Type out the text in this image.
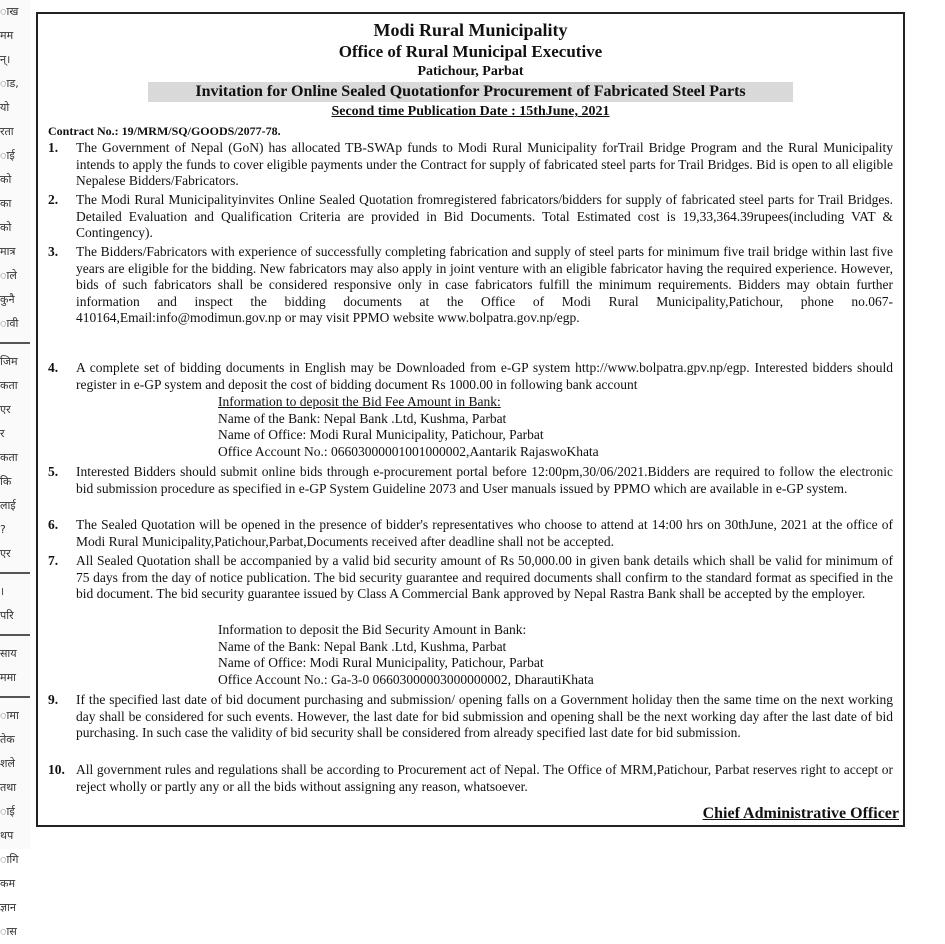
ाख
मम
न्।
ाड,
यो
रता
ाई
को
का
को
मात्र
ाले
कुनै
ावी
जिम
कता
एर
र
कता
कि
लाई
?
एर
।
परि
साय
ममा
ामा
तेक
शले
तथा
ाई
थप
ागि
कम
ज्ञान
ास
Modi Rural Municipality
Office of Rural Municipal Executive
Patichour, Parbat
Invitation for Online Sealed Quotationfor Procurement of Fabricated Steel Parts
Second time Publication Date : 15thJune, 2021
Contract No.: 19/MRM/SQ/GOODS/2077-78.
1. The Government of Nepal (GoN) has allocated TB-SWAp funds to Modi Rural Municipality forTrail Bridge Program and the Rural Municipality intends to apply the funds to cover eligible payments under the Contract for supply of fabricated steel parts for Trail Bridges. Bid is open to all eligible Nepalese Bidders/Fabricators.
2. The Modi Rural Municipalityinvites Online Sealed Quotation fromregistered fabricators/bidders for supply of fabricated steel parts for Trail Bridges. Detailed Evaluation and Qualification Criteria are provided in Bid Documents. Total Estimated cost is 19,33,364.39rupees(including VAT & Contingency).
3. The Bidders/Fabricators with experience of successfully completing fabrication and supply of steel parts for minimum five trail bridge within last five years are eligible for the bidding. New fabricators may also apply in joint venture with an eligible fabricator having the required experience. However, bids of such fabricators shall be considered responsive only in case fabricators fulfill the minimum requirements. Bidders may obtain further information and inspect the bidding documents at the Office of Modi Rural Municipality,Patichour, phone no.067-410164,Email:info@modimun.gov.np or may visit PPMO website www.bolpatra.gov.np/egp.
4. A complete set of bidding documents in English may be Downloaded from e-GP system http://www.bolpatra.gpv.np/egp. Interested bidders should register in e-GP system and deposit the cost of bidding document Rs 1000.00 in following bank account
Information to deposit the Bid Fee Amount in Bank:
Name of the Bank: Nepal Bank .Ltd, Kushma, Parbat
Name of Office: Modi Rural Municipality, Patichour, Parbat
Office Account No.: 06603000001001000002,Aantarik RajaswoKhata
5. Interested Bidders should submit online bids through e-procurement portal before 12:00pm,30/06/2021.Bidders are required to follow the electronic bid submission procedure as specified in e-GP System Guideline 2073 and User manuals issued by PPMO which are available in e-GP system.
6. The Sealed Quotation will be opened in the presence of bidder's representatives who choose to attend at 14:00 hrs on 30thJune, 2021 at the office of Modi Rural Municipality,Patichour,Parbat,Documents received after deadline shall not be accepted.
7. All Sealed Quotation shall be accompanied by a valid bid security amount of Rs 50,000.00 in given bank details which shall be valid for minimum of 75 days from the day of notice publication. The bid security guarantee and required documents shall confirm to the standard format as specified in the bid document. The bid security guarantee issued by Class A Commercial Bank approved by Nepal Rastra Bank shall be accepted by the employer.
Information to deposit the Bid Security Amount in Bank:
Name of the Bank: Nepal Bank .Ltd, Kushma, Parbat
Name of Office: Modi Rural Municipality, Patichour, Parbat
Office Account No.: Ga-3-0 06603000003000000002, DharautiKhata
9. If the specified last date of bid document purchasing and submission/ opening falls on a Government holiday then the same time on the next working day shall be considered for such events. However, the last date for bid submission and opening shall be the next working day after the last date of bid purchasing. In such case the validity of bid security shall be considered from already specified last date for bid submission.
10. All government rules and regulations shall be according to Procurement act of Nepal. The Office of MRM,Patichour, Parbat reserves right to accept or reject wholly or partly any or all the bids without assigning any reason, whatsoever.
Chief Administrative Officer
